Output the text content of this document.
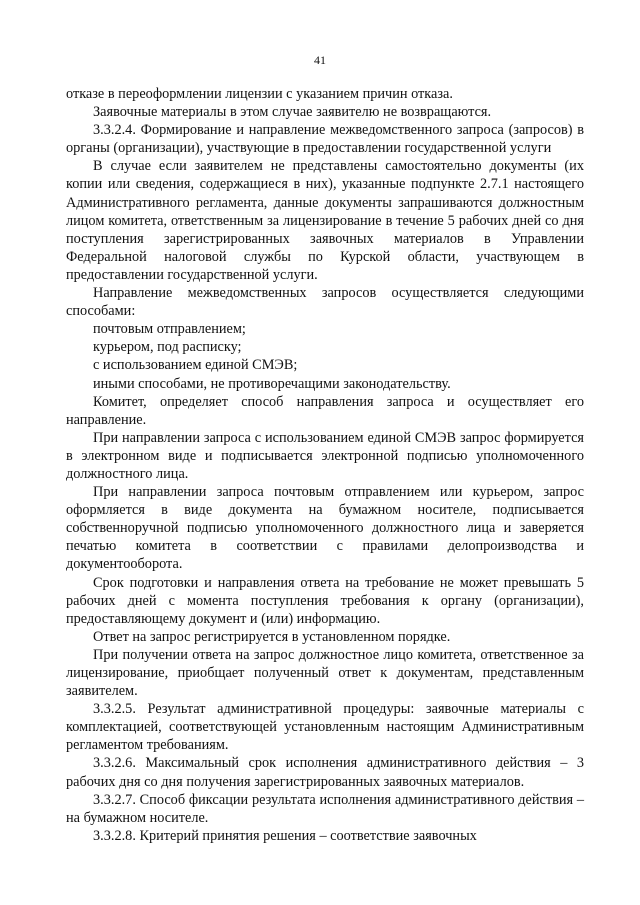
41

отказе в переоформлении лицензии с указанием причин отказа.

Заявочные материалы в этом случае заявителю не возвращаются.

3.3.2.4. Формирование и направление межведомственного запроса (запросов) в органы (организации), участвующие в предоставлении государственной услуги

В случае если заявителем не представлены самостоятельно документы (их копии или сведения, содержащиеся в них), указанные подпункте 2.7.1 настоящего Административного регламента, данные документы запрашиваются должностным лицом комитета, ответственным за лицензирование в течение 5 рабочих дней со дня поступления зарегистрированных заявочных материалов в Управлении Федеральной налоговой службы по Курской области, участвующем в предоставлении государственной услуги.

Направление межведомственных запросов осуществляется следующими способами:

почтовым отправлением;

курьером, под расписку;

с использованием единой СМЭВ;

иными способами, не противоречащими законодательству.

Комитет, определяет способ направления запроса и осуществляет его направление.

При направлении запроса с использованием единой СМЭВ запрос формируется в электронном виде и подписывается электронной подписью уполномоченного должностного лица.

При направлении запроса почтовым отправлением или курьером, запрос оформляется в виде документа на бумажном носителе, подписывается собственноручной подписью уполномоченного должностного лица и заверяется печатью комитета в соответствии с правилами делопроизводства и документооборота.

Срок подготовки и направления ответа на требование не может превышать 5 рабочих дней с момента поступления требования к органу (организации), предоставляющему документ и (или) информацию.

Ответ на запрос регистрируется в установленном порядке.

При получении ответа на запрос должностное лицо комитета, ответственное за лицензирование, приобщает полученный ответ к документам, представленным заявителем.

3.3.2.5. Результат административной процедуры: заявочные материалы с комплектацией, соответствующей установленным настоящим Административным регламентом требованиям.

3.3.2.6. Максимальный срок исполнения административного действия – 3 рабочих дня со дня получения зарегистрированных заявочных материалов.

3.3.2.7. Способ фиксации результата исполнения административного действия – на бумажном носителе.

3.3.2.8. Критерий принятия решения – соответствие заявочных
